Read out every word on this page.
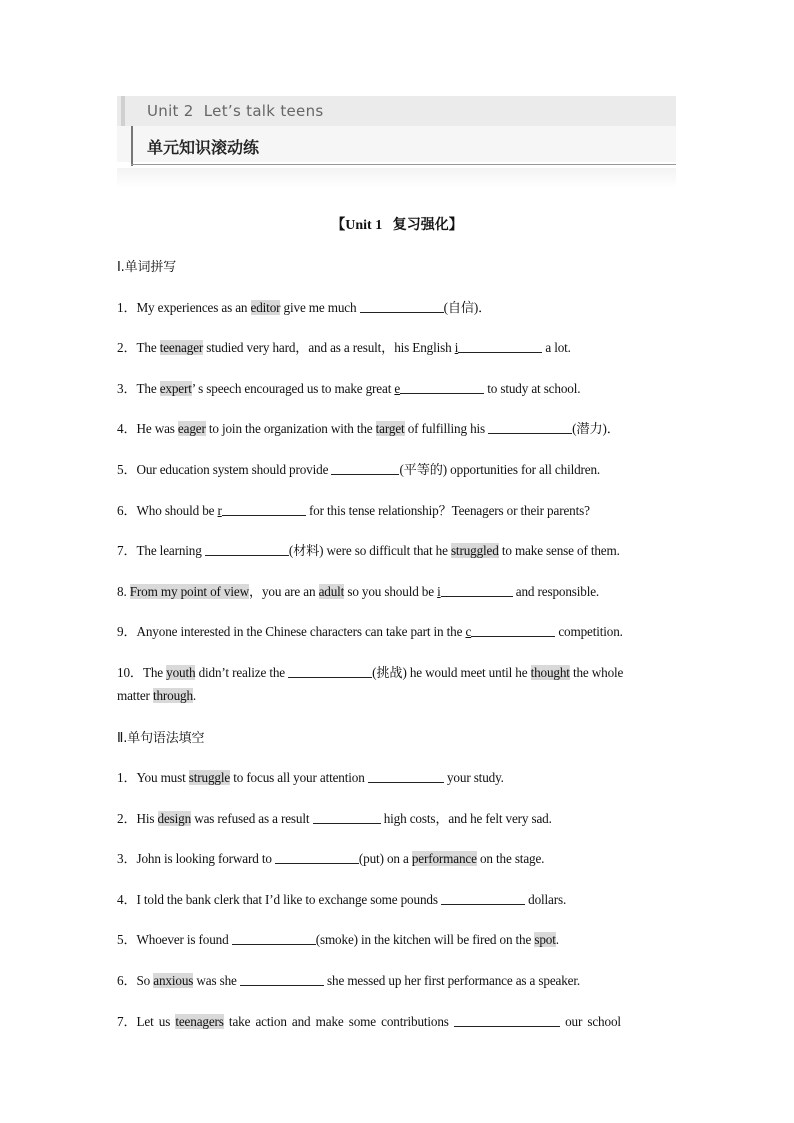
Unit 2  Let’s talk teens
单元知识滚动练
【Unit 1   复习强化】
Ⅰ.单词拼写
1．My experiences as an editor give me much	(自信)．
2．The teenager studied very hard，and as a result，his English i	a lot.
3．The expert’ s speech encouraged us to make great e	to study at school.
4．He was eager to join the organization with the target of fulfilling his	(潜力)．
5．Our education system should provide	(平等的) opportunities for all children.
6．Who should be r	for this tense relationship？Teenagers or their parents?
7．The learning	(材料) were so difficult that he struggled to make sense of them.
8. From my point of view，you are an adult so you should be i	and responsible.
9．Anyone interested in the Chinese characters can take part in the c	competition.
10．The youth didn’t realize the	(挑战) he would meet until he thought the whole
matter through.
Ⅱ.单句语法填空
1．You must struggle to focus all your attention	your study.
2．His design was refused as a result	high costs，and he felt very sad.
3．John is looking forward to	(put) on a performance on the stage.
4．I told the bank clerk that I’d like to exchange some pounds	dollars.
5．Whoever is found	(smoke) in the kitchen will be fired on the spot.
6．So anxious was she	she messed up her first performance as a speaker.
7．Let us teenagers take action and make some contributions	our school
